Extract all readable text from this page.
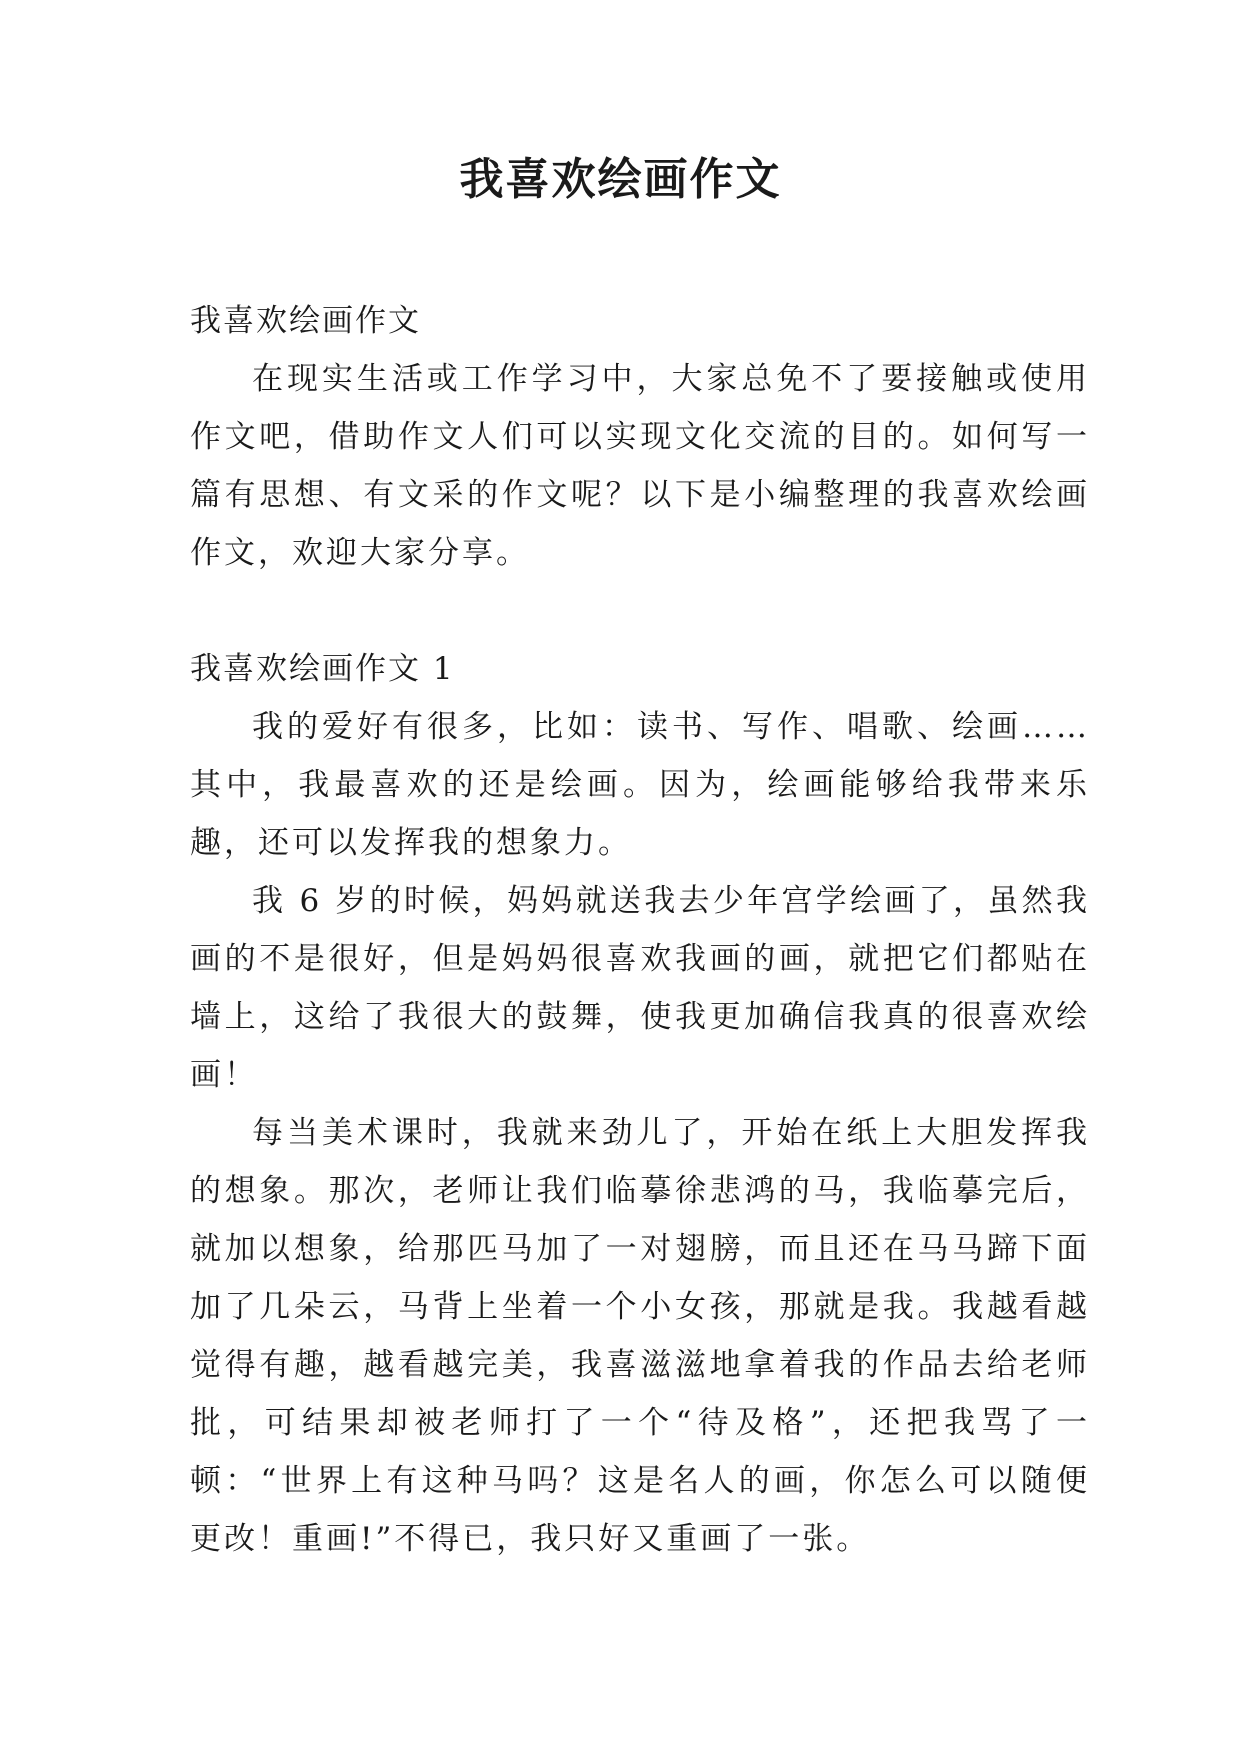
我喜欢绘画作文

我喜欢绘画作文

在现实生活或工作学习中，大家总免不了要接触或使用作文吧，借助作文人们可以实现文化交流的目的。如何写一篇有思想、有文采的作文呢？以下是小编整理的我喜欢绘画作文，欢迎大家分享。

我喜欢绘画作文 1

我的爱好有很多，比如：读书、写作、唱歌、绘画……其中，我最喜欢的还是绘画。因为，绘画能够给我带来乐趣，还可以发挥我的想象力。

我 6 岁的时候，妈妈就送我去少年宫学绘画了，虽然我画的不是很好，但是妈妈很喜欢我画的画，就把它们都贴在墙上，这给了我很大的鼓舞，使我更加确信我真的很喜欢绘画！

每当美术课时，我就来劲儿了，开始在纸上大胆发挥我的想象。那次，老师让我们临摹徐悲鸿的马，我临摹完后，就加以想象，给那匹马加了一对翅膀，而且还在马马蹄下面加了几朵云，马背上坐着一个小女孩，那就是我。我越看越觉得有趣，越看越完美，我喜滋滋地拿着我的作品去给老师批，可结果却被老师打了一个“待及格”，还把我骂了一顿：“世界上有这种马吗？这是名人的画，你怎么可以随便更改！重画!”不得已，我只好又重画了一张。
